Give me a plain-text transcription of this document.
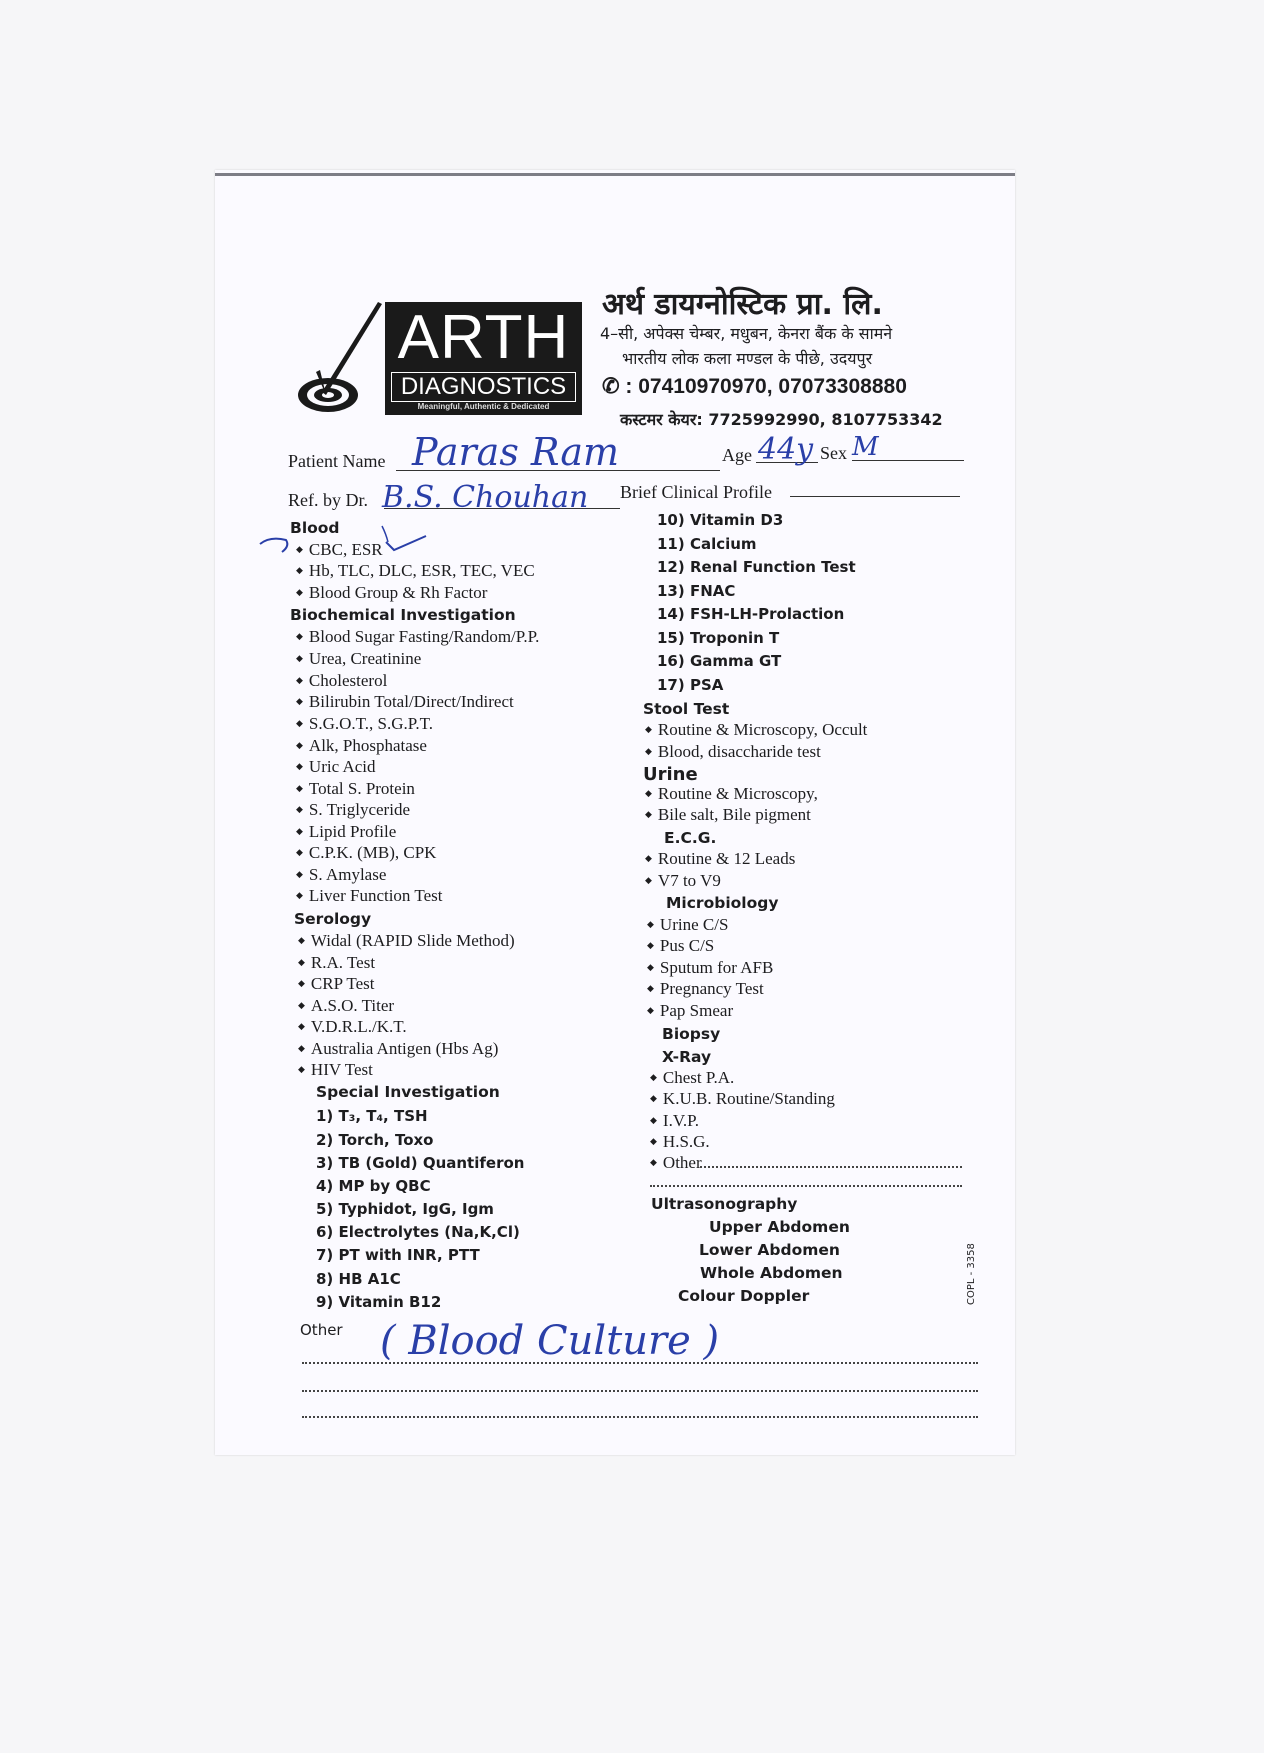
ARTH
DIAGNOSTICS
Meaningful, Authentic & Dedicated
अर्थ डायग्नोस्टिक प्रा. लि.
4–सी, अपेक्स चेम्बर, मधुबन, केनरा बैंक के सामने
भारतीय लोक कला मण्डल के पीछे, उदयपुर
✆ : 07410970970, 07073308880
कस्टमर केयर: 7725992990, 8107753342
Patient Name Paras Ram	Age 44y Sex M
Ref. by Dr. B.S. Chouhan Brief Clinical Profile
Blood
◆ CBC, ESR
◆ Hb, TLC, DLC, ESR, TEC, VEC
◆ Blood Group & Rh Factor
Biochemical Investigation
◆ Blood Sugar Fasting/Random/P.P.
◆ Urea, Creatinine
◆ Cholesterol
◆ Bilirubin Total/Direct/Indirect
◆ S.G.O.T., S.G.P.T.
◆ Alk, Phosphatase
◆ Uric Acid
◆ Total S. Protein
◆ S. Triglyceride
◆ Lipid Profile
◆ C.P.K. (MB), CPK
◆ S. Amylase
◆ Liver Function Test
Serology
◆ Widal (RAPID Slide Method)
◆ R.A. Test
◆ CRP Test
◆ A.S.O. Titer
◆ V.D.R.L./K.T.
◆ Australia Antigen (Hbs Ag)
◆ HIV Test
Special Investigation
1) T₃, T₄, TSH
2) Torch, Toxo
3) TB (Gold) Quantiferon
4) MP by QBC
5) Typhidot, IgG, Igm
6) Electrolytes (Na,K,Cl)
7) PT with INR, PTT
8) HB A1C
9) Vitamin B12
Other ( Blood Culture )
10) Vitamin D3
11) Calcium
12) Renal Function Test
13) FNAC
14) FSH-LH-Prolaction
15) Troponin T
16) Gamma GT
17) PSA
Stool Test
◆ Routine & Microscopy, Occult
◆ Blood, disaccharide test
Urine
◆ Routine & Microscopy,
◆ Bile salt, Bile pigment
E.C.G.
◆ Routine & 12 Leads
◆ V7 to V9
Microbiology
◆ Urine C/S
◆ Pus C/S
◆ Sputum for AFB
◆ Pregnancy Test
◆ Pap Smear
Biopsy
X-Ray
◆ Chest P.A.
◆ K.U.B. Routine/Standing
◆ I.V.P.
◆ H.S.G.
◆ Other
Ultrasonography
Upper Abdomen
Lower Abdomen
Whole Abdomen
Colour Doppler	COPL - 3358
